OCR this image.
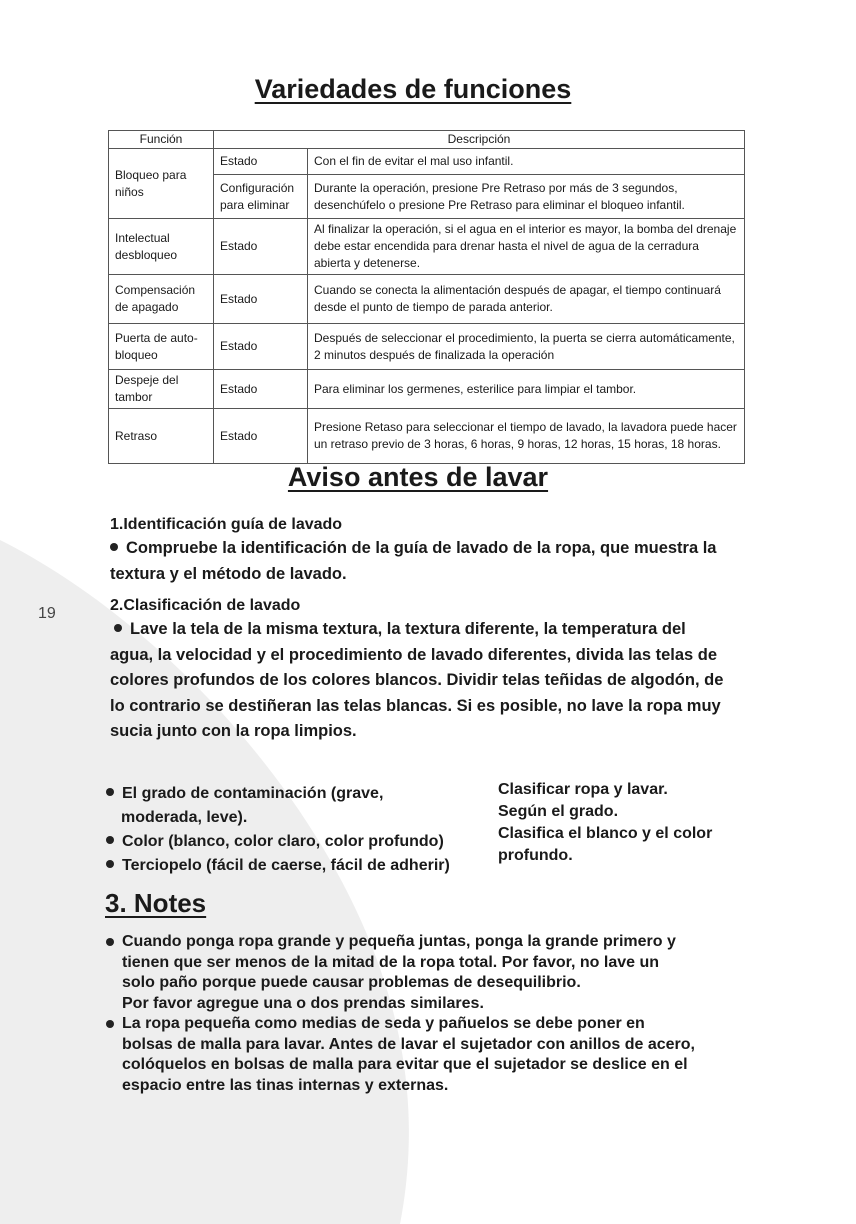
19
Variedades de funciones
Función	Descripción	
Bloqueo para niños	Estado	Con el fin de evitar el mal uso infantil.
	Configuración para eliminar	Durante la operación, presione Pre Retraso por más de 3 segundos, desenchúfelo o presione Pre Retraso para eliminar el bloqueo infantil.
Intelectual desbloqueo	Estado	Al finalizar la operación, si el agua en el interior es mayor, la bomba del drenaje debe estar encendida para drenar hasta el nivel de agua de la cerradura abierta y detenerse.
Compensación de apagado	Estado	Cuando se conecta la alimentación después de apagar, el tiempo continuará desde el punto de tiempo de parada anterior.
Puerta de auto-bloqueo	Estado	Después de seleccionar el procedimiento, la puerta se cierra automáticamente, 2 minutos después de finalizada la operación
Despeje del tambor	Estado	Para eliminar los germenes, esterilice para limpiar el tambor.
Retraso	Estado	Presione Retaso para seleccionar el tiempo de lavado, la lavadora puede hacer un retraso previo de 3 horas, 6 horas, 9 horas, 12 horas, 15 horas, 18 horas.
Aviso antes de lavar
1.Identificación guía de lavado
Compruebe la identificación de la guía de lavado de la ropa, que muestra la textura y el método de lavado.
2.Clasificación de lavado
Lave la tela de la misma textura, la textura diferente, la temperatura del agua, la velocidad y el procedimiento de lavado diferentes, divida las telas de colores profundos de los colores blancos. Dividir telas teñidas de algodón, de lo contrario se destiñeran las telas blancas. Si es posible, no lave la ropa muy sucia junto con la ropa limpios.
El grado de contaminación (grave,
moderada, leve).
Color (blanco, color claro, color profundo)
Terciopelo (fácil de caerse, fácil de adherir)
Clasificar ropa y lavar.
Según el grado.
Clasifica el blanco y el color
profundo.
3. Notes
Cuando ponga ropa grande y pequeña juntas, ponga la grande primero y
tienen que ser menos de la mitad de la ropa total. Por favor, no lave un
solo paño porque puede causar problemas de desequilibrio.
Por favor agregue una o dos prendas similares.
La ropa pequeña como medias de seda y pañuelos se debe poner en
bolsas de malla para lavar. Antes de lavar el sujetador con anillos de acero,
colóquelos en bolsas de malla para evitar que el sujetador se deslice en el
espacio entre las tinas internas y externas.
